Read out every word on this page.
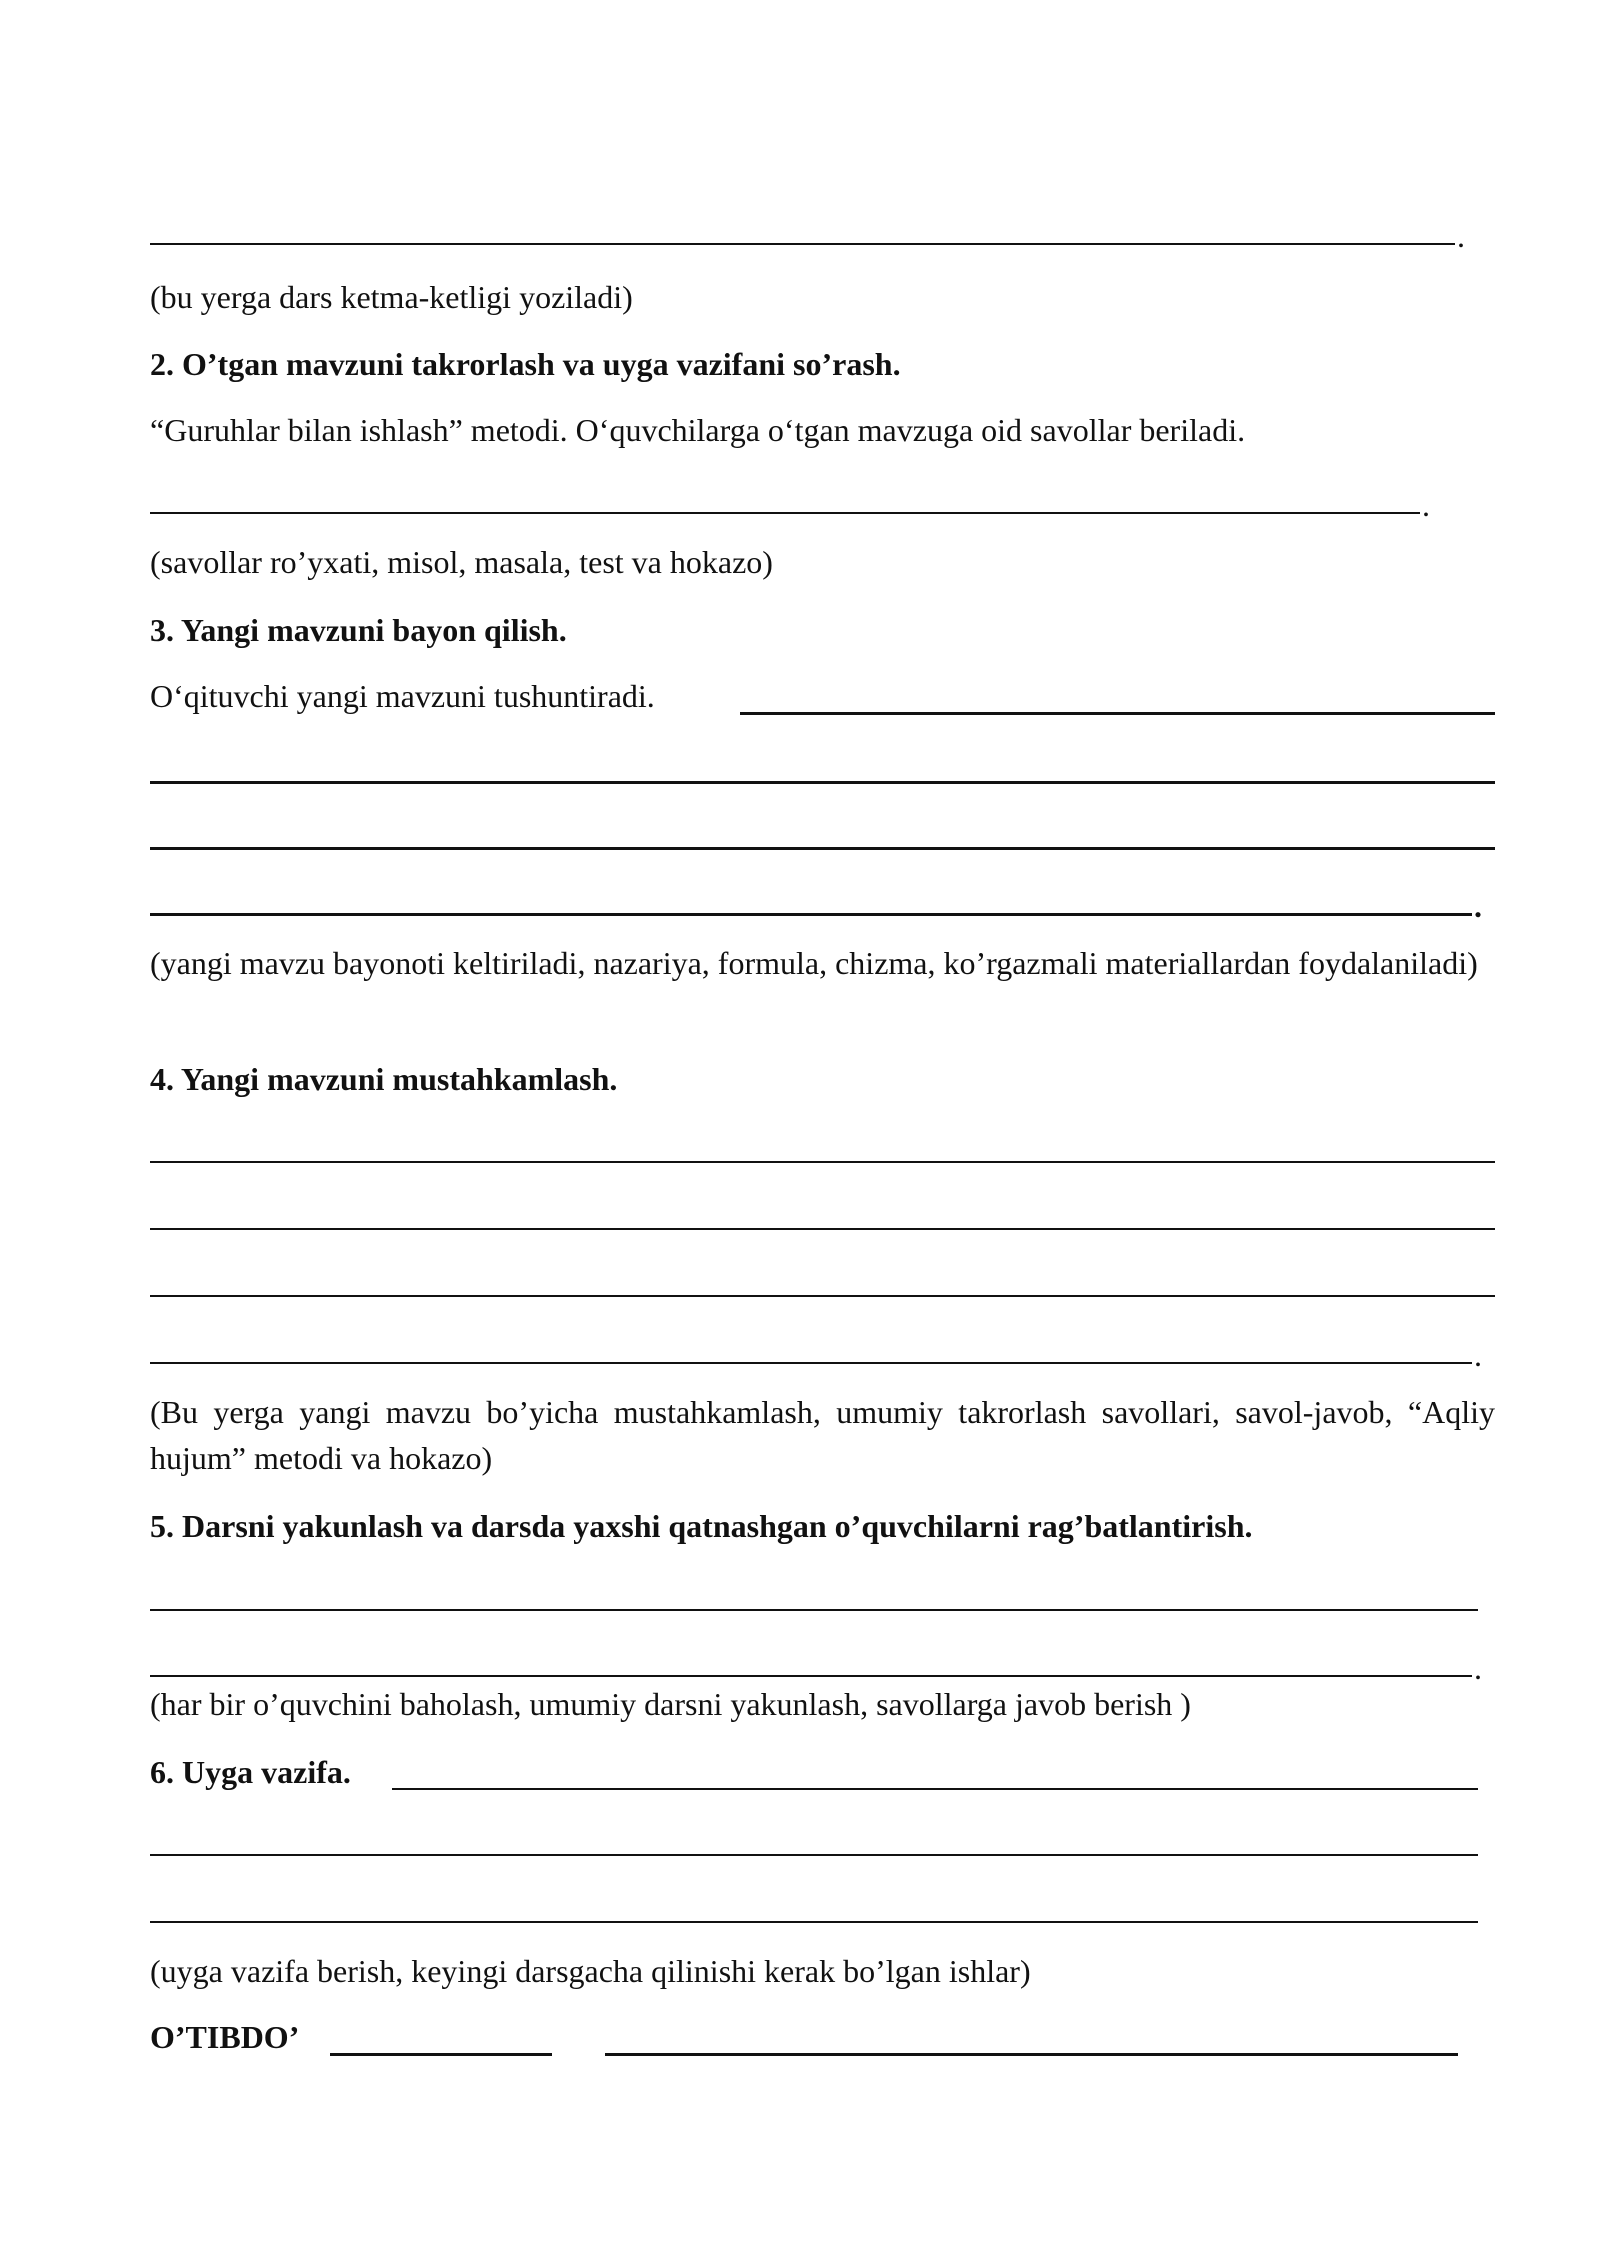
.
(bu yerga dars ketma-ketligi yoziladi)
2. O’tgan mavzuni takrorlash va uyga vazifani so’rash.
“Guruhlar bilan ishlash” metodi. O‘quvchilarga o‘tgan mavzuga oid savollar beriladi.
.
(savollar ro’yxati, misol, masala, test va hokazo)
3. Yangi mavzuni bayon qilish.
O‘qituvchi yangi mavzuni tushuntiradi.
.
(yangi mavzu bayonoti keltiriladi, nazariya, formula, chizma, ko’rgazmali materiallardan foydalaniladi)
4. Yangi mavzuni mustahkamlash.
.
(Bu yerga yangi mavzu bo’yicha mustahkamlash, umumiy takrorlash savollari, savol-javob, “Aqliy hujum” metodi va hokazo)
5. Darsni yakunlash va darsda yaxshi qatnashgan o’quvchilarni rag’batlantirish.
.
(har bir o’quvchini baholash, umumiy darsni yakunlash, savollarga javob berish )
6. Uyga vazifa.
(uyga vazifa berish, keyingi darsgacha qilinishi kerak bo’lgan ishlar)
O’TIBDO’
